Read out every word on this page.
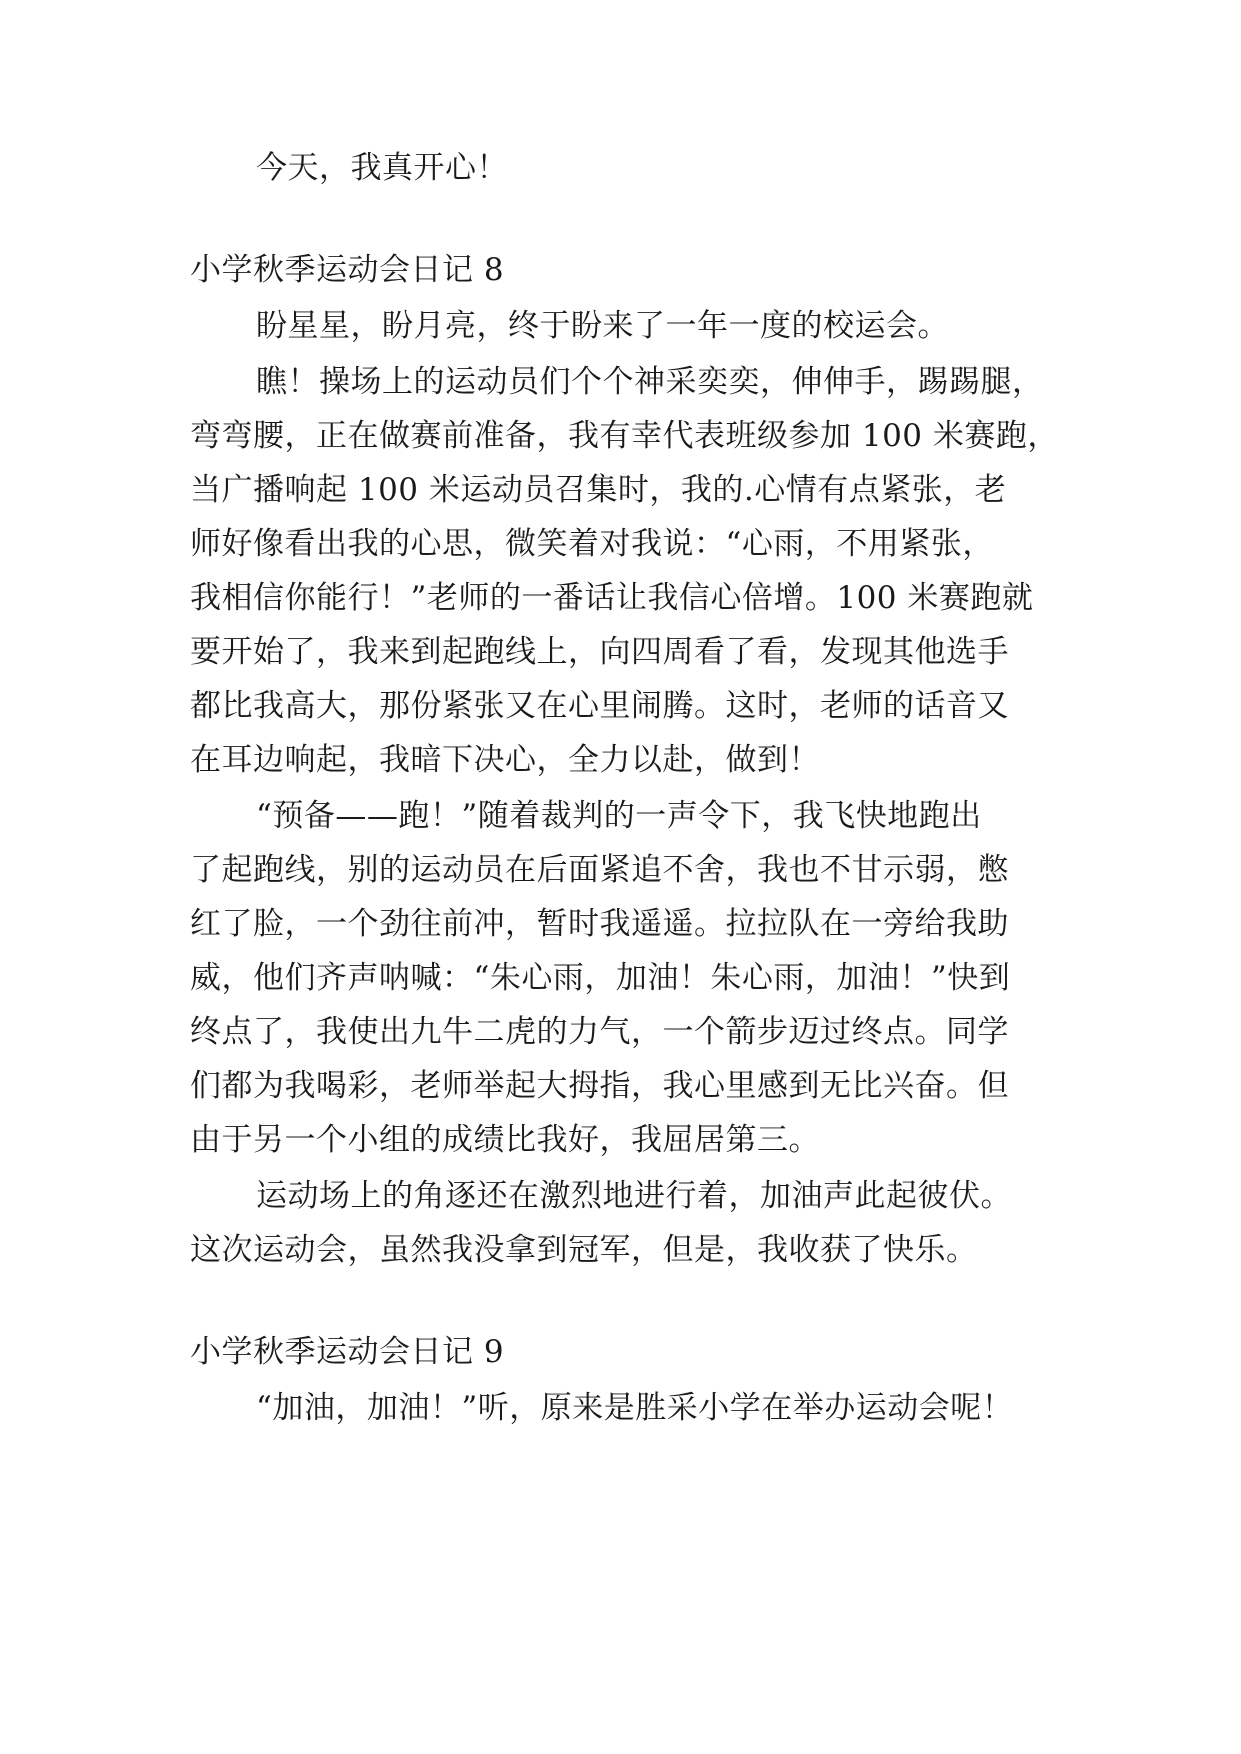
今天，我真开心！
小学秋季运动会日记 8
盼星星，盼月亮，终于盼来了一年一度的校运会。
瞧！操场上的运动员们个个神采奕奕，伸伸手，踢踢腿，
弯弯腰，正在做赛前准备，我有幸代表班级参加 100 米赛跑，
当广播响起 100 米运动员召集时，我的.心情有点紧张，老
师好像看出我的心思，微笑着对我说：“心雨，不用紧张，
我相信你能行！”老师的一番话让我信心倍增。100 米赛跑就
要开始了，我来到起跑线上，向四周看了看，发现其他选手
都比我高大，那份紧张又在心里闹腾。这时，老师的话音又
在耳边响起，我暗下决心，全力以赴，做到！
“预备——跑！”随着裁判的一声令下，我飞快地跑出
了起跑线，别的运动员在后面紧追不舍，我也不甘示弱，憋
红了脸，一个劲往前冲，暂时我遥遥。拉拉队在一旁给我助
威，他们齐声呐喊：“朱心雨，加油！朱心雨，加油！”快到
终点了，我使出九牛二虎的力气，一个箭步迈过终点。同学
们都为我喝彩，老师举起大拇指，我心里感到无比兴奋。但
由于另一个小组的成绩比我好，我屈居第三。
运动场上的角逐还在激烈地进行着，加油声此起彼伏。
这次运动会，虽然我没拿到冠军，但是，我收获了快乐。
小学秋季运动会日记 9
“加油，加油！”听，原来是胜采小学在举办运动会呢！
